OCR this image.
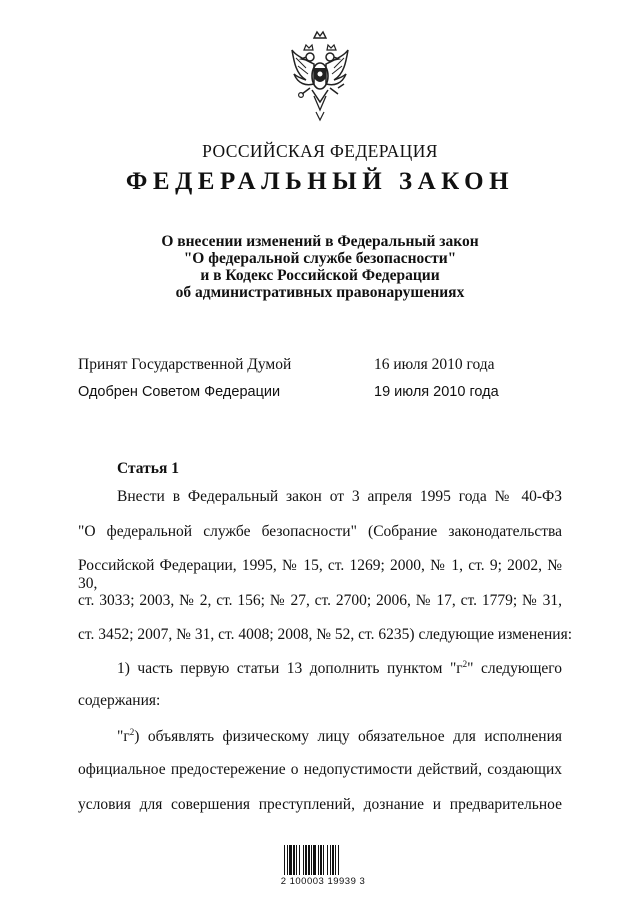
РОССИЙСКАЯ ФЕДЕРАЦИЯ
ФЕДЕРАЛЬНЫЙ ЗАКОН
О внесении изменений в Федеральный закон
"О федеральной службе безопасности"
и в Кодекс Российской Федерации
об административных правонарушениях
Принят Государственной Думой	16 июля 2010 года
Одобрен Советом Федерации	19 июля 2010 года
Статья 1
Внести в Федеральный закон от 3 апреля 1995 года № 40-ФЗ
"О федеральной службе безопасности" (Собрание законодательства
Российской Федерации, 1995, № 15, ст. 1269; 2000, № 1, ст. 9; 2002, № 30,
ст. 3033; 2003, № 2, ст. 156; № 27, ст. 2700; 2006, № 17, ст. 1779; № 31,
ст. 3452; 2007, № 31, ст. 4008; 2008, № 52, ст. 6235) следующие изменения:
1) часть первую статьи 13 дополнить пунктом "$г^2$" следующего
содержания:
"$г^2$) объявлять физическому лицу обязательное для исполнения
официальное предостережение о недопустимости действий, создающих
условия для совершения преступлений, дознание и предварительное
2 100003 19939 3
